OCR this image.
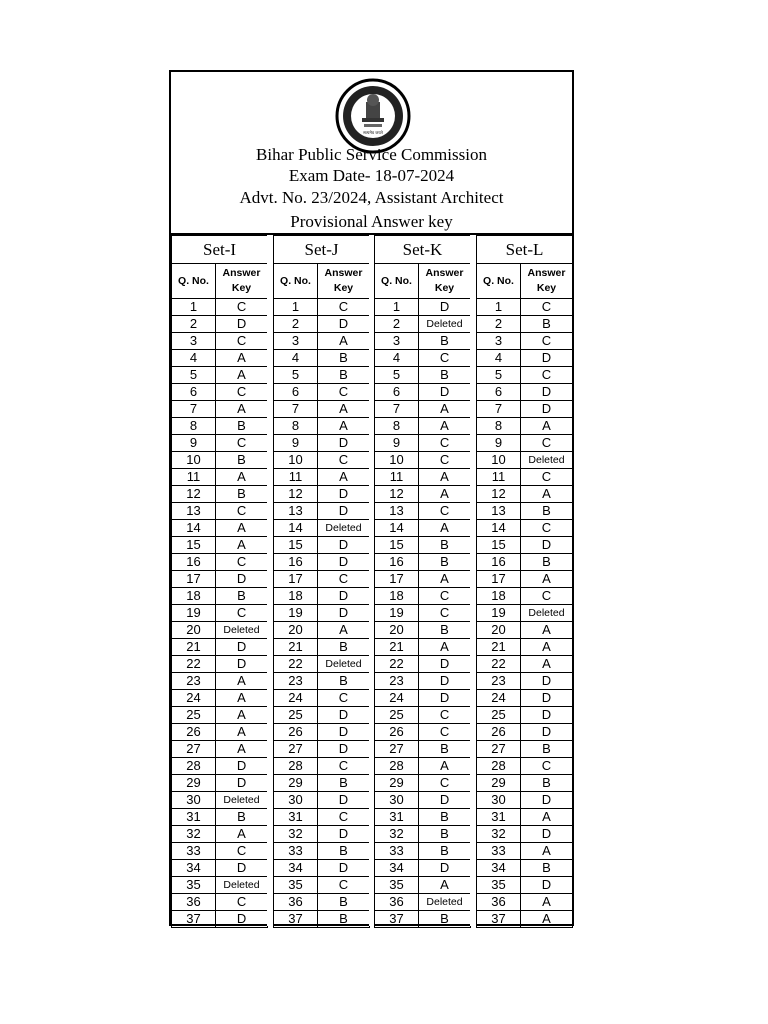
सत्यमेव जयते
Bihar Public Service Commission
Exam Date- 18-07-2024
Advt. No. 23/2024, Assistant Architect
Provisional Answer key
Set-I	
Q. No.	Answer
Key
1	C
2	D
3	C
4	A
5	A
6	C
7	A
8	B
9	C
10	B
11	A
12	B
13	C
14	A
15	A
16	C
17	D
18	B
19	C
20	Deleted
21	D
22	D
23	A
24	A
25	A
26	A
27	A
28	D
29	D
30	Deleted
31	B
32	A
33	C
34	D
35	Deleted
36	C
37	D
Set-J	
Q. No.	Answer
Key
1	C
2	D
3	A
4	B
5	B
6	C
7	A
8	A
9	D
10	C
11	A
12	D
13	D
14	Deleted
15	D
16	D
17	C
18	D
19	D
20	A
21	B
22	Deleted
23	B
24	C
25	D
26	D
27	D
28	C
29	B
30	D
31	C
32	D
33	B
34	D
35	C
36	B
37	B
Set-K	
Q. No.	Answer
Key
1	D
2	Deleted
3	B
4	C
5	B
6	D
7	A
8	A
9	C
10	C
11	A
12	A
13	C
14	A
15	B
16	B
17	A
18	C
19	C
20	B
21	A
22	D
23	D
24	D
25	C
26	C
27	B
28	A
29	C
30	D
31	B
32	B
33	B
34	D
35	A
36	Deleted
37	B
Set-L	
Q. No.	Answer
Key
1	C
2	B
3	C
4	D
5	C
6	D
7	D
8	A
9	C
10	Deleted
11	C
12	A
13	B
14	C
15	D
16	B
17	A
18	C
19	Deleted
20	A
21	A
22	A
23	D
24	D
25	D
26	D
27	B
28	C
29	B
30	D
31	A
32	D
33	A
34	B
35	D
36	A
37	A
